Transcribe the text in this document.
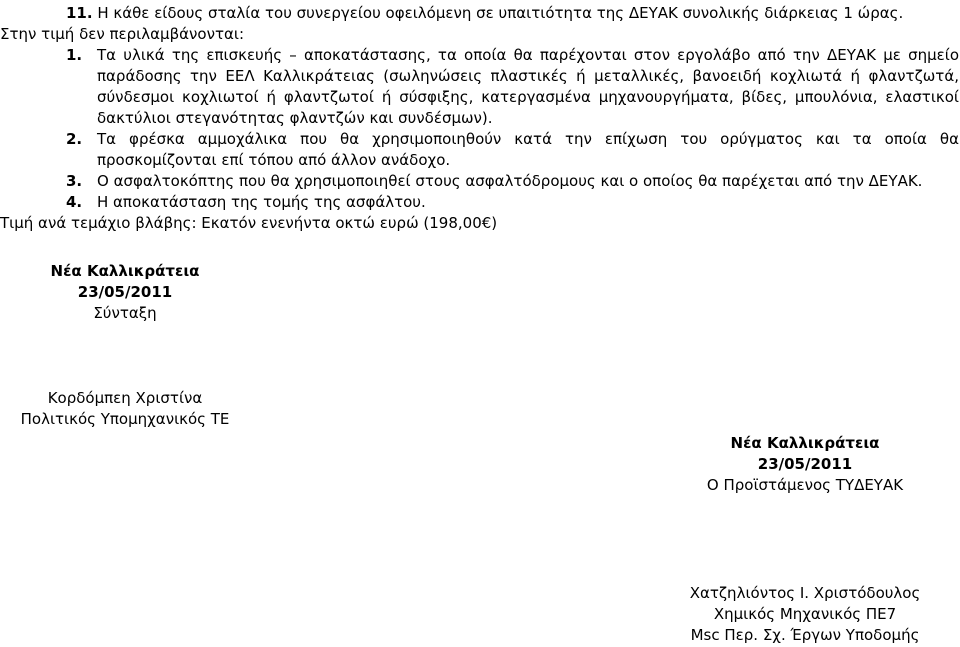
11. Η κάθε είδους σταλία του συνεργείου οφειλόμενη σε υπαιτιότητα της ΔΕΥΑΚ συνολικής διάρκειας 1 ώρας.
Στην τιμή δεν περιλαμβάνονται:
1. Τα υλικά της επισκευής – αποκατάστασης, τα οποία θα παρέχονται στον εργολάβο από την ΔΕΥΑΚ με σημείο
παράδοσης την ΕΕΛ Καλλικράτειας (σωληνώσεις πλαστικές ή μεταλλικές, βανοειδή κοχλιωτά ή φλαντζωτά,
σύνδεσμοι κοχλιωτοί ή φλαντζωτοί ή σύσφιξης, κατεργασμένα μηχανουργήματα, βίδες, μπουλόνια, ελαστικοί
δακτύλιοι στεγανότητας φλαντζών και συνδέσμων).
2. Τα φρέσκα αμμοχάλικα που θα χρησιμοποιηθούν κατά την επίχωση του ορύγματος και τα οποία θα
προσκομίζονται επί τόπου από άλλον ανάδοχο.
3. Ο ασφαλτοκόπτης που θα χρησιμοποιηθεί στους ασφαλτόδρομους και ο οποίος θα παρέχεται από την ΔΕΥΑΚ.
4. Η αποκατάσταση της τομής της ασφάλτου.
Τιμή ανά τεμάχιο βλάβης: Εκατόν ενενήντα οκτώ ευρώ (198,00€)
Νέα Καλλικράτεια
23/05/2011
Σύνταξη
Κορδόμπεη Χριστίνα
Πολιτικός Υπομηχανικός ΤΕ
Νέα Καλλικράτεια
23/05/2011
Ο Προϊστάμενος ΤΥΔΕΥΑΚ
Χατζηλιόντος Ι. Χριστόδουλος
Χημικός Μηχανικός ΠΕ7
Msc Περ. Σχ. Έργων Υποδομής
